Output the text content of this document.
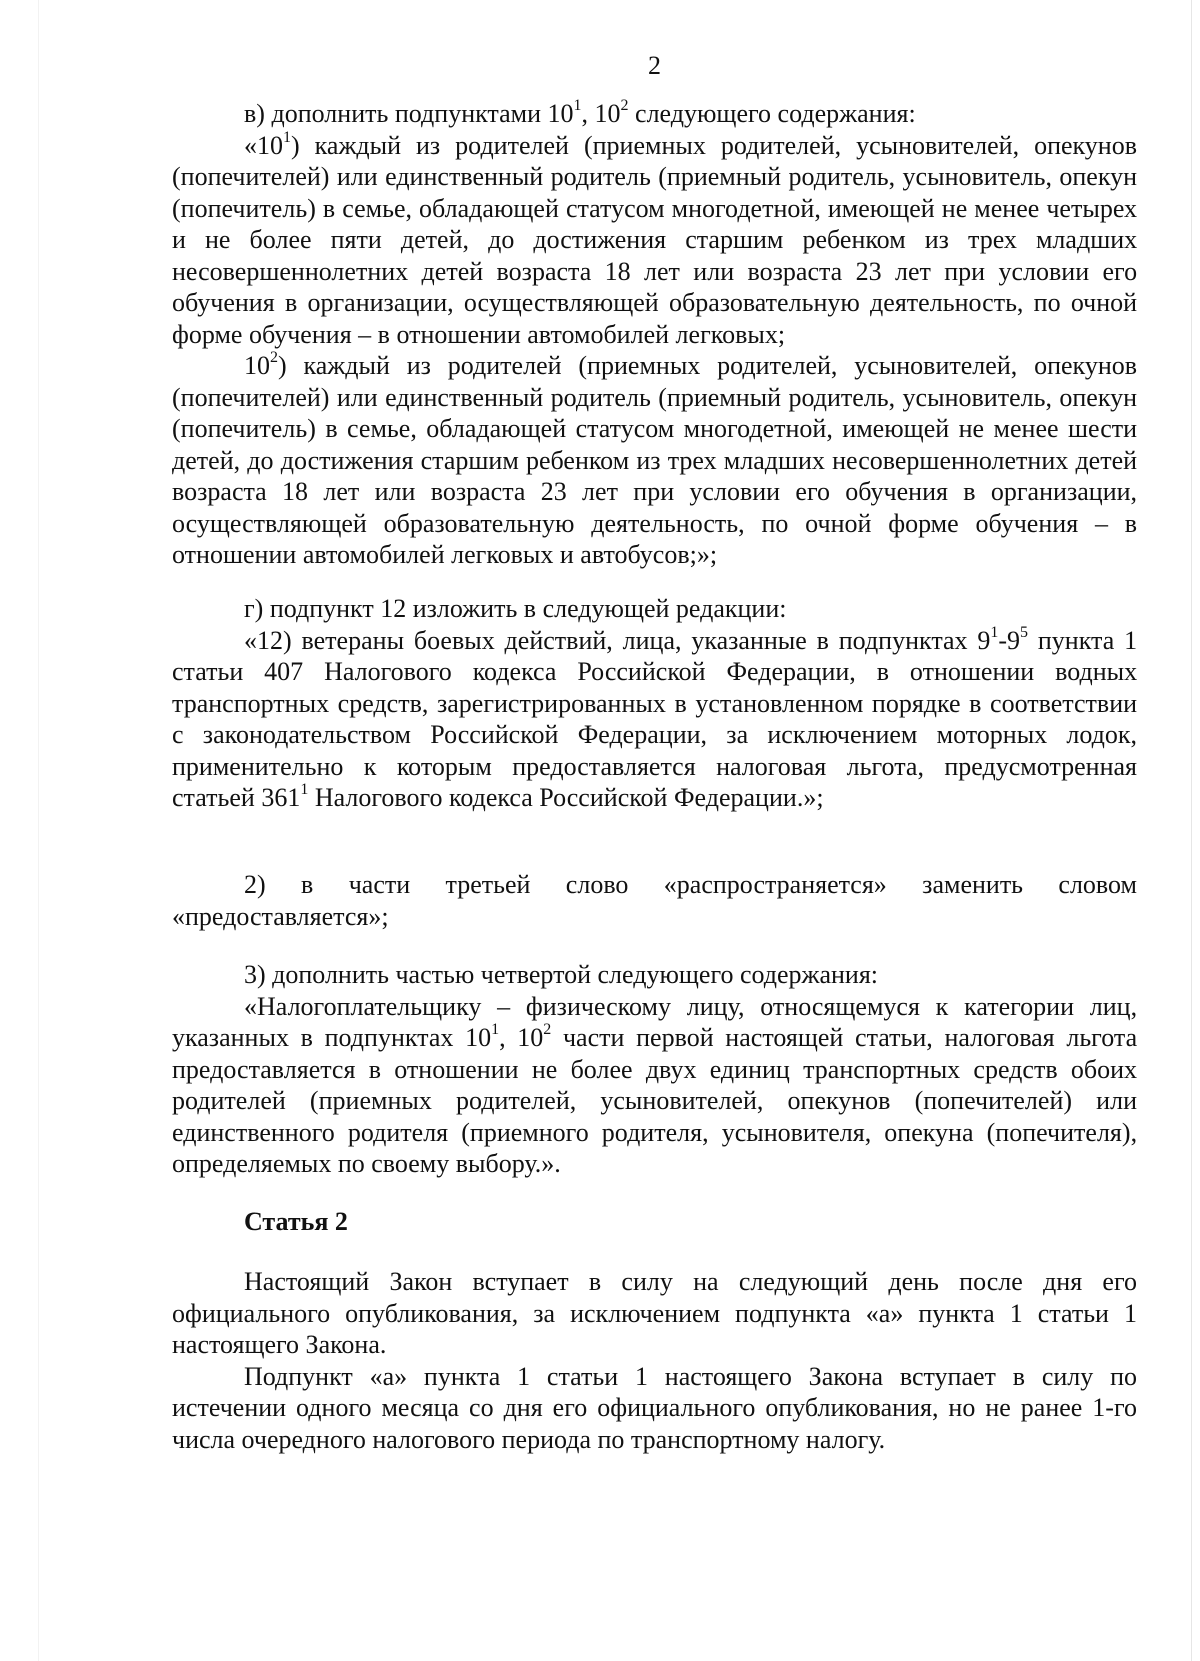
2

в) дополнить подпунктами $10^1$, $10^2$ следующего содержания:

«$10^1$) каждый из родителей (приемных родителей, усыновителей, опекунов (попечителей) или единственный родитель (приемный родитель, усыновитель, опекун (попечитель) в семье, обладающей статусом многодетной, имеющей не менее четырех и не более пяти детей, до достижения старшим ребенком из трех младших несовершеннолетних детей возраста 18 лет или возраста 23 лет при условии его обучения в организации, осуществляющей образовательную деятельность, по очной форме обучения – в отношении автомобилей легковых;

$10^2$) каждый из родителей (приемных родителей, усыновителей, опекунов (попечителей) или единственный родитель (приемный родитель, усыновитель, опекун (попечитель) в семье, обладающей статусом многодетной, имеющей не менее шести детей, до достижения старшим ребенком из трех младших несовершеннолетних детей возраста 18 лет или возраста 23 лет при условии его обучения в организации, осуществляющей образовательную деятельность, по очной форме обучения – в отношении автомобилей легковых и автобусов;»;

г) подпункт 12 изложить в следующей редакции:

«12) ветераны боевых действий, лица, указанные в подпунктах $9^1-9^5$ пункта 1 статьи 407 Налогового кодекса Российской Федерации, в отношении водных транспортных средств, зарегистрированных в установленном порядке в соответствии с законодательством Российской Федерации, за исключением моторных лодок, применительно к которым предоставляется налоговая льгота, предусмотренная статьей $361^1$ Налогового кодекса Российской Федерации.»;

2) в части третьей слово «распространяется» заменить словом «предоставляется»;

3) дополнить частью четвертой следующего содержания:

«Налогоплательщику – физическому лицу, относящемуся к категории лиц, указанных в подпунктах $10^1$, $10^2$ части первой настоящей статьи, налоговая льгота предоставляется в отношении не более двух единиц транспортных средств обоих родителей (приемных родителей, усыновителей, опекунов (попечителей) или единственного родителя (приемного родителя, усыновителя, опекуна (попечителя), определяемых по своему выбору.».

Статья 2

Настоящий Закон вступает в силу на следующий день после дня его официального опубликования, за исключением подпункта «а» пункта 1 статьи 1 настоящего Закона.

Подпункт «а» пункта 1 статьи 1 настоящего Закона вступает в силу по истечении одного месяца со дня его официального опубликования, но не ранее 1-го числа очередного налогового периода по транспортному налогу.
